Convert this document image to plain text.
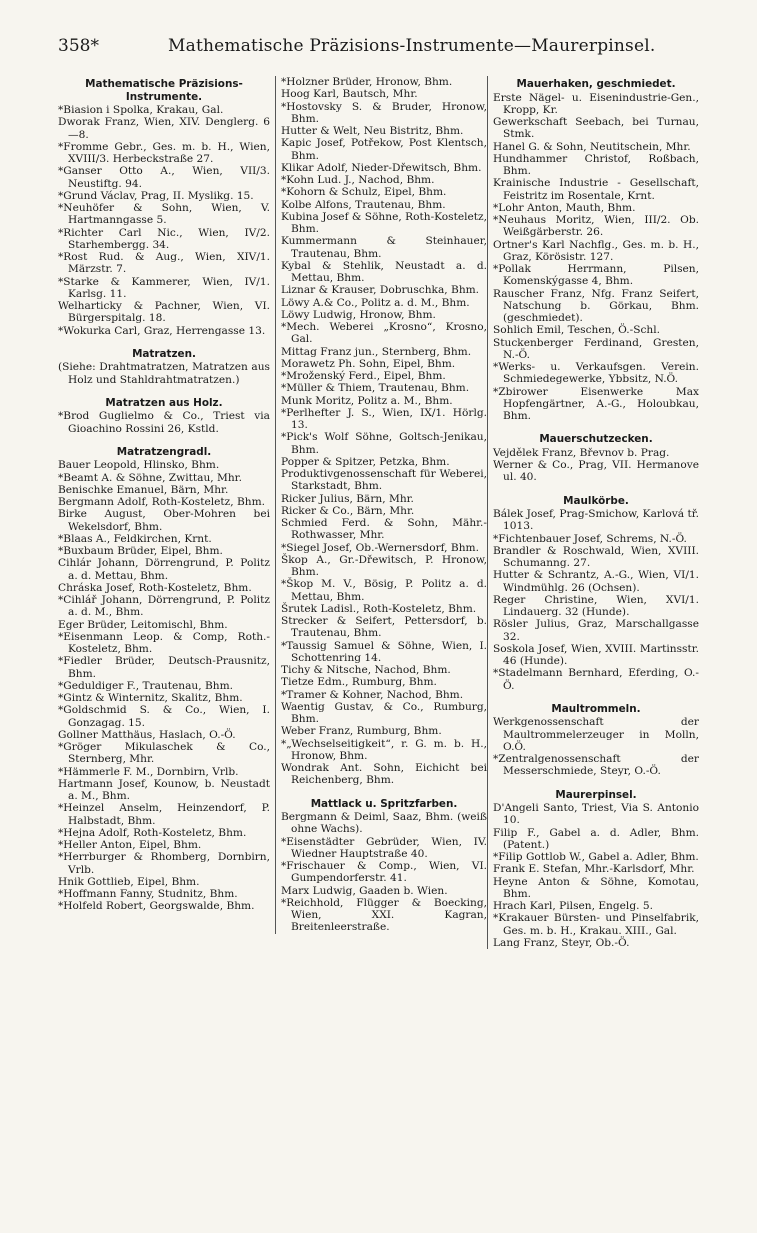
358*	Mathematische Präzisions-Instrumente—Maurerpinsel.
Mathematische Präzisions-Instrumente.

*Biasion i Spolka, Krakau, Gal.

Dworak Franz, Wien, XIV. Denglerg. 6—8.

*Fromme Gebr., Ges. m. b. H., Wien, XVIII/3. Herbeckstraße 27.

*Ganser Otto A., Wien, VII/3. Neustiftg. 94.

*Grund Václav, Prag, II. Myslikg. 15.

*Neuhöfer & Sohn, Wien, V. Hartmanngasse 5.

*Richter Carl Nic., Wien, IV/2. Starhembergg. 34.

*Rost Rud. & Aug., Wien, XIV/1. Märzstr. 7.

*Starke & Kammerer, Wien, IV/1. Karlsg. 11.

Welharticky & Pachner, Wien, VI. Bürgerspitalg. 18.

*Wokurka Carl, Graz, Herrengasse 13.

Matratzen.

(Siehe: Drahtmatratzen, Matratzen aus Holz und Stahldrahtmatratzen.)

Matratzen aus Holz.

*Brod Guglielmo & Co., Triest via Gioachino Rossini 26, Kstld.

Matratzengradl.

Bauer Leopold, Hlinsko, Bhm.

*Beamt A. & Söhne, Zwittau, Mhr.

Benischke Emanuel, Bärn, Mhr.

Bergmann Adolf, Roth-Kosteletz, Bhm.

Birke August, Ober-Mohren bei Wekelsdorf, Bhm.

*Blaas A., Feldkirchen, Krnt.

*Buxbaum Brüder, Eipel, Bhm.

Cihlár Johann, Dörrengrund, P. Politz a. d. Mettau, Bhm.

Chráska Josef, Roth-Kosteletz, Bhm.

*Cihlář Johann, Dörrengrund, P. Politz a. d. M., Bhm.

Eger Brüder, Leitomischl, Bhm.

*Eisenmann Leop. & Comp, Roth.-Kosteletz, Bhm.

*Fiedler Brüder, Deutsch-Prausnitz, Bhm.

*Geduldiger F., Trautenau, Bhm.

*Gintz & Winternitz, Skalitz, Bhm.

*Goldschmid S. & Co., Wien, I. Gonzagag. 15.

Gollner Matthäus, Haslach, O.-Ö.

*Gröger Mikulaschek & Co., Sternberg, Mhr.

*Hämmerle F. M., Dornbirn, Vrlb.

Hartmann Josef, Kounow, b. Neustadt a. M., Bhm.

*Heinzel Anselm, Heinzendorf, P. Halbstadt, Bhm.

*Hejna Adolf, Roth-Kosteletz, Bhm.

*Heller Anton, Eipel, Bhm.

*Herrburger & Rhomberg, Dornbirn, Vrlb.

Hnik Gottlieb, Eipel, Bhm.

*Hoffmann Fanny, Studnitz, Bhm.

*Holfeld Robert, Georgswalde, Bhm.

*Holzner Brüder, Hronow, Bhm.

Hoog Karl, Bautsch, Mhr.

*Hostovsky S. & Bruder, Hronow, Bhm.

Hutter & Welt, Neu Bistritz, Bhm.

Kapic Josef, Potřekow, Post Klentsch, Bhm.

Klikar Adolf, Nieder-Dřewitsch, Bhm.

*Kohn Lud. J., Nachod, Bhm.

*Kohorn & Schulz, Eipel, Bhm.

Kolbe Alfons, Trautenau, Bhm.

Kubina Josef & Söhne, Roth-Kosteletz, Bhm.

Kummermann & Steinhauer, Trautenau, Bhm.

Kybal & Stehlik, Neustadt a. d. Mettau, Bhm.

Liznar & Krauser, Dobruschka, Bhm.

Löwy A.& Co., Politz a. d. M., Bhm.

Löwy Ludwig, Hronow, Bhm.

*Mech. Weberei „Krosno“, Krosno, Gal.

Mittag Franz jun., Sternberg, Bhm.

Morawetz Ph. Sohn, Eipel, Bhm.

*Mroženský Ferd., Eipel, Bhm.

*Müller & Thiem, Trautenau, Bhm.

Munk Moritz, Politz a. M., Bhm.

*Perlhefter J. S., Wien, IX/1. Hörlg. 13.

*Pick's Wolf Söhne, Goltsch-Jenikau, Bhm.

Popper & Spitzer, Petzka, Bhm.

Produktivgenossenschaft für Weberei, Starkstadt, Bhm.

Ricker Julius, Bärn, Mhr.

Ricker & Co., Bärn, Mhr.

Schmied Ferd. & Sohn, Mähr.-Rothwasser, Mhr.

*Siegel Josef, Ob.-Wernersdorf, Bhm.

Škop A., Gr.-Dřewitsch, P. Hronow, Bhm.

*Škop M. V., Bösig, P. Politz a. d. Mettau, Bhm.

Šrutek Ladisl., Roth-Kosteletz, Bhm.

Strecker & Seifert, Pettersdorf, b. Trautenau, Bhm.

*Taussig Samuel & Söhne, Wien, I. Schottenring 14.

Tichy & Nitsche, Nachod, Bhm.

Tietze Edm., Rumburg, Bhm.

*Tramer & Kohner, Nachod, Bhm.

Waentig Gustav, & Co., Rumburg, Bhm.

Weber Franz, Rumburg, Bhm.

*„Wechselseitigkeit“, r. G. m. b. H., Hronow, Bhm.

Wondrak Ant. Sohn, Eichicht bei Reichenberg, Bhm.

Mattlack u. Spritzfarben.

Bergmann & Deiml, Saaz, Bhm. (weiß ohne Wachs).

*Eisenstädter Gebrüder, Wien, IV. Wiedner Hauptstraße 40.

*Frischauer & Comp., Wien, VI. Gumpendorferstr. 41.

Marx Ludwig, Gaaden b. Wien.

*Reichhold, Flügger & Boecking, Wien, XXI. Kagran, Breitenleerstraße.

Mauerhaken, geschmiedet.

Erste Nägel- u. Eisenindustrie-Gen., Kropp, Kr.

Gewerkschaft Seebach, bei Turnau, Stmk.

Hanel G. & Sohn, Neutitschein, Mhr.

Hundhammer Christof, Roßbach, Bhm.

Krainische Industrie - Gesellschaft, Feistritz im Rosentale, Krnt.

*Lohr Anton, Mauth, Bhm.

*Neuhaus Moritz, Wien, III/2. Ob. Weißgärberstr. 26.

Ortner's Karl Nachflg., Ges. m. b. H., Graz, Körösistr. 127.

*Pollak Herrmann, Pilsen, Komenskýgasse 4, Bhm.

Rauscher Franz, Nfg. Franz Seifert, Natschung b. Görkau, Bhm. (geschmiedet).

Sohlich Emil, Teschen, Ö.-Schl.

Stuckenberger Ferdinand, Gresten, N.-Ö.

*Werks- u. Verkaufsgen. Verein. Schmiedegewerke, Ybbsitz, N.Ö.

*Zbirower Eisenwerke Max Hopfengärtner, A.-G., Holoubkau, Bhm.

Mauerschutzecken.

Vejdělek Franz, Břevnov b. Prag.

Werner & Co., Prag, VII. Hermanove ul. 40.

Maulkörbe.

Bálek Josef, Prag-Smichow, Karlová tř. 1013.

*Fichtenbauer Josef, Schrems, N.-Ö.

Brandler & Roschwald, Wien, XVIII. Schumanng. 27.

Hutter & Schrantz, A.-G., Wien, VI/1. Windmühlg. 26 (Ochsen).

Reger Christine, Wien, XVI/1. Lindauerg. 32 (Hunde).

Rösler Julius, Graz, Marschallgasse 32.

Soskola Josef, Wien, XVIII. Martinsstr. 46 (Hunde).

*Stadelmann Bernhard, Eferding, O.-Ö.

Maultrommeln.

Werkgenossenschaft der Maultrommelerzeuger in Molln, O.Ö.

*Zentralgenossenschaft der Messerschmiede, Steyr, O.-Ö.

Maurerpinsel.

D'Angeli Santo, Triest, Via S. Antonio 10.

Filip F., Gabel a. d. Adler, Bhm. (Patent.)

*Filip Gottlob W., Gabel a. Adler, Bhm.

Frank E. Stefan, Mhr.-Karlsdorf, Mhr.

Heyne Anton & Söhne, Komotau, Bhm.

Hrach Karl, Pilsen, Engelg. 5.

*Krakauer Bürsten- und Pinselfabrik, Ges. m. b. H., Krakau. XIII., Gal.

Lang Franz, Steyr, Ob.-Ö.
